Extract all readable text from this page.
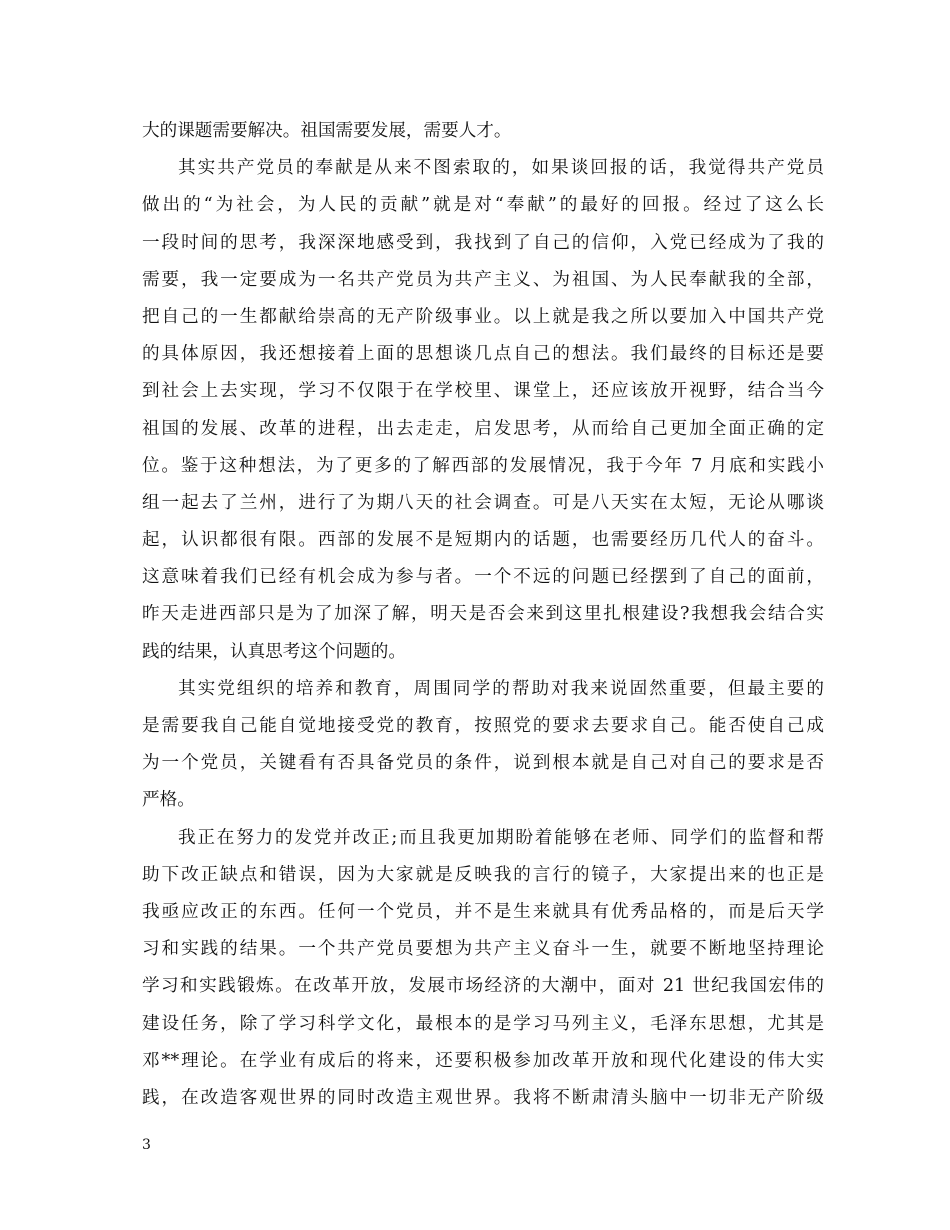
大的课题需要解决。祖国需要发展，需要人才。
其实共产党员的奉献是从来不图索取的，如果谈回报的话，我觉得共产党员
做出的“为社会，为人民的贡献”就是对“奉献”的最好的回报。经过了这么长
一段时间的思考，我深深地感受到，我找到了自己的信仰，入党已经成为了我的
需要，我一定要成为一名共产党员为共产主义、为祖国、为人民奉献我的全部，
把自己的一生都献给崇高的无产阶级事业。以上就是我之所以要加入中国共产党
的具体原因，我还想接着上面的思想谈几点自己的想法。我们最终的目标还是要
到社会上去实现，学习不仅限于在学校里、课堂上，还应该放开视野，结合当今
祖国的发展、改革的进程，出去走走，启发思考，从而给自己更加全面正确的定
位。鉴于这种想法，为了更多的了解西部的发展情况，我于今年 7 月底和实践小
组一起去了兰州，进行了为期八天的社会调查。可是八天实在太短，无论从哪谈
起，认识都很有限。西部的发展不是短期内的话题，也需要经历几代人的奋斗。
这意味着我们已经有机会成为参与者。一个不远的问题已经摆到了自己的面前，
昨天走进西部只是为了加深了解，明天是否会来到这里扎根建设?我想我会结合实
践的结果，认真思考这个问题的。
其实党组织的培养和教育，周围同学的帮助对我来说固然重要，但最主要的
是需要我自己能自觉地接受党的教育，按照党的要求去要求自己。能否使自己成
为一个党员，关键看有否具备党员的条件，说到根本就是自己对自己的要求是否
严格。
我正在努力的发党并改正;而且我更加期盼着能够在老师、同学们的监督和帮
助下改正缺点和错误，因为大家就是反映我的言行的镜子，大家提出来的也正是
我亟应改正的东西。任何一个党员，并不是生来就具有优秀品格的，而是后天学
习和实践的结果。一个共产党员要想为共产主义奋斗一生，就要不断地坚持理论
学习和实践锻炼。在改革开放，发展市场经济的大潮中，面对 21 世纪我国宏伟的
建设任务，除了学习科学文化，最根本的是学习马列主义，毛泽东思想，尤其是
邓**理论。在学业有成后的将来，还要积极参加改革开放和现代化建设的伟大实
践，在改造客观世界的同时改造主观世界。我将不断肃清头脑中一切非无产阶级
3
